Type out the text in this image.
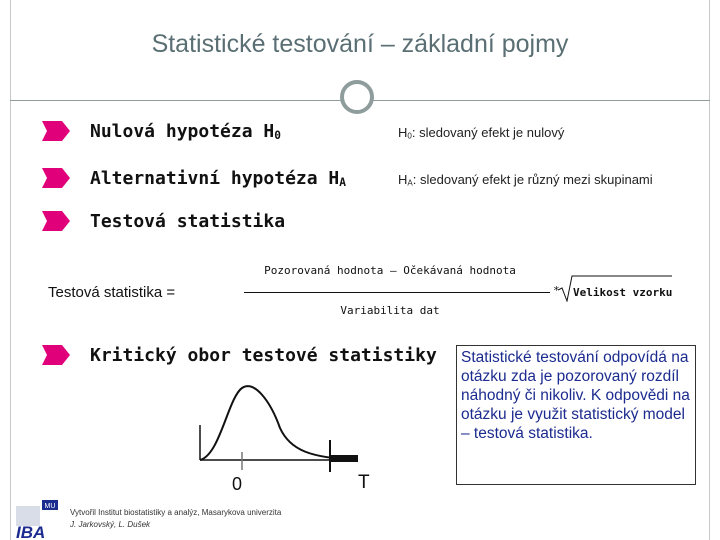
Statistické testování – základní pojmy
Nulová hypotéza $H_0$	$H_0$: sledovaný efekt je nulový
Alternativní hypotéza $H_A$	$H_A$: sledovaný efekt je různý mezi skupinami
Testová statistika
Testová statistika =
Pozorovaná hodnota – Očekávaná hodnota
Variabilita dat
* Velikost vzorku
Kritický obor testové statistiky
0	T
Statistické testování odpovídá na otázku zda je pozorovaný rozdíl náhodný či nikoliv. K odpovědi na otázku je využit statistický model – testová statistika.
MU
IBA
Vytvořil Institut biostatistiky a analýz, Masarykova univerzita
J. Jarkovský, L. Dušek
